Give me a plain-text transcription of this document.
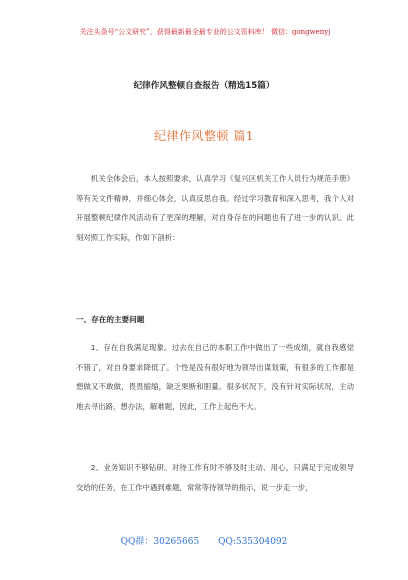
关注头条号“公文研究”，获得最新最全最专业的公文资料库！ 微信：gongwenyj
纪律作风整顿自查报告（精选15篇）
纪律作风整顿 篇1
机关全体会后，本人按照要求，认真学习《复兴区机关工作人员行为规范手册》等有关文件精神，并细心体会，认真反思自我。经过学习教育和深入思考，我个人对开展整顿纪律作风活动有了更深的理解，对自身存在的问题也有了进一步的认识。此刻对照工作实际，作如下剖析：
一、存在的主要问题
1、存在自我满足现象。过去在自己的本职工作中做出了一些成绩，就自我感觉不错了，对自身要求降低了。个性是没有很好地为领导出谋划策，有很多的工作都是想做又不敢做，畏畏缩缩，缺乏果断和胆量。很多状况下，没有针对实际状况，主动地去寻出路，想办法，解难题，因此，工作上起色不大。
2、业务知识不够钻研。对待工作有时不够及时主动、用心，只满足于完成领导交给的任务，在工作中遇到难题，常常等待领导的指示，说一步走一步，
QQ群：30265665 QQ:535304092
